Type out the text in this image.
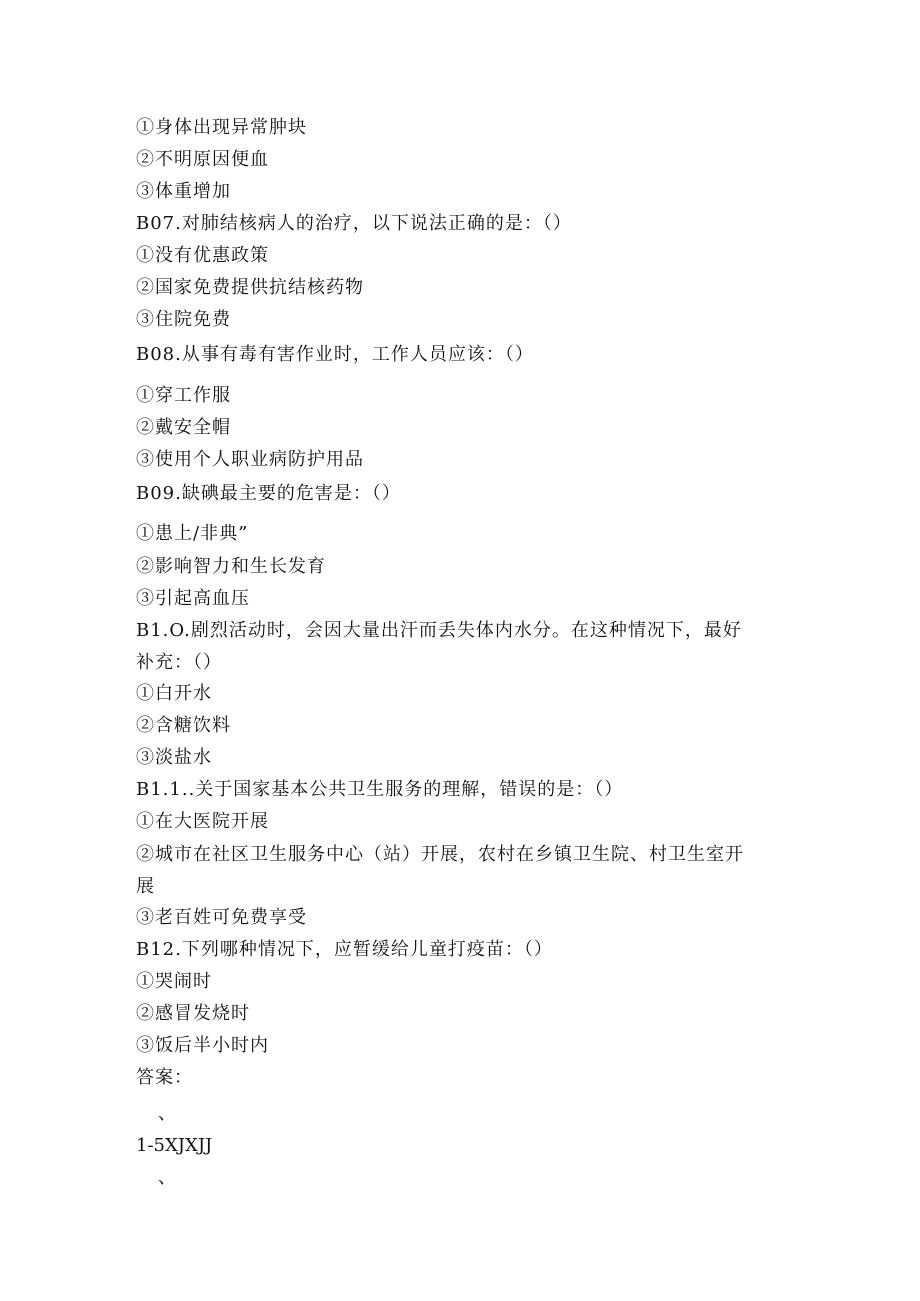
①身体出现异常肿块
②不明原因便血
③体重增加
B07.对肺结核病人的治疗，以下说法正确的是：（）
①没有优惠政策
②国家免费提供抗结核药物
③住院免费
B08.从事有毒有害作业时，工作人员应该：（）
①穿工作服
②戴安全帽
③使用个人职业病防护用品
B09.缺碘最主要的危害是：（）
①患上/非典”
②影响智力和生长发育
③引起高血压
B1.O.剧烈活动时，会因大量出汗而丢失体内水分。在这种情况下，最好
补充：（）
①白开水
②含糖饮料
③淡盐水
B1.1..关于国家基本公共卫生服务的理解，错误的是：（）
①在大医院开展
②城市在社区卫生服务中心（站）开展，农村在乡镇卫生院、村卫生室开
展
③老百姓可免费享受
B12.下列哪种情况下，应暂缓给儿童打疫苗：（）
①哭闹时
②感冒发烧时
③饭后半小时内
答案：
、
1-5XJXJJ
、
